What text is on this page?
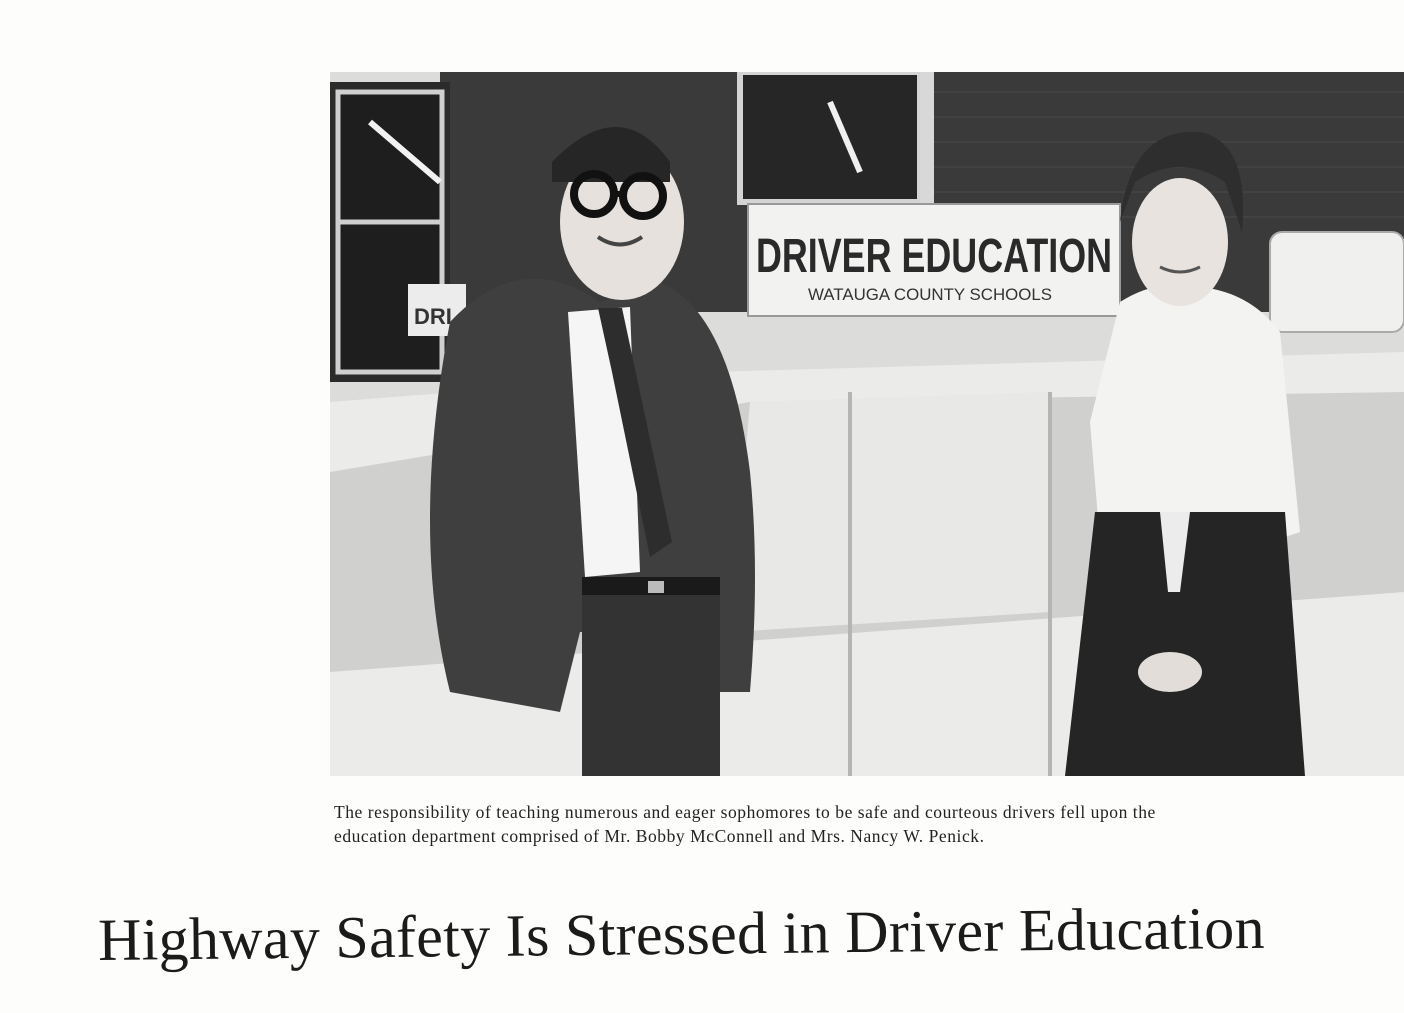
DRI
DRIVER EDUCATION
WATAUGA COUNTY SCHOOLS

The responsibility of teaching numerous and eager sophomores to be safe and courteous drivers fell upon the
education department comprised of Mr. Bobby McConnell and Mrs. Nancy W. Penick.

Highway Safety Is Stressed in Driver Education
